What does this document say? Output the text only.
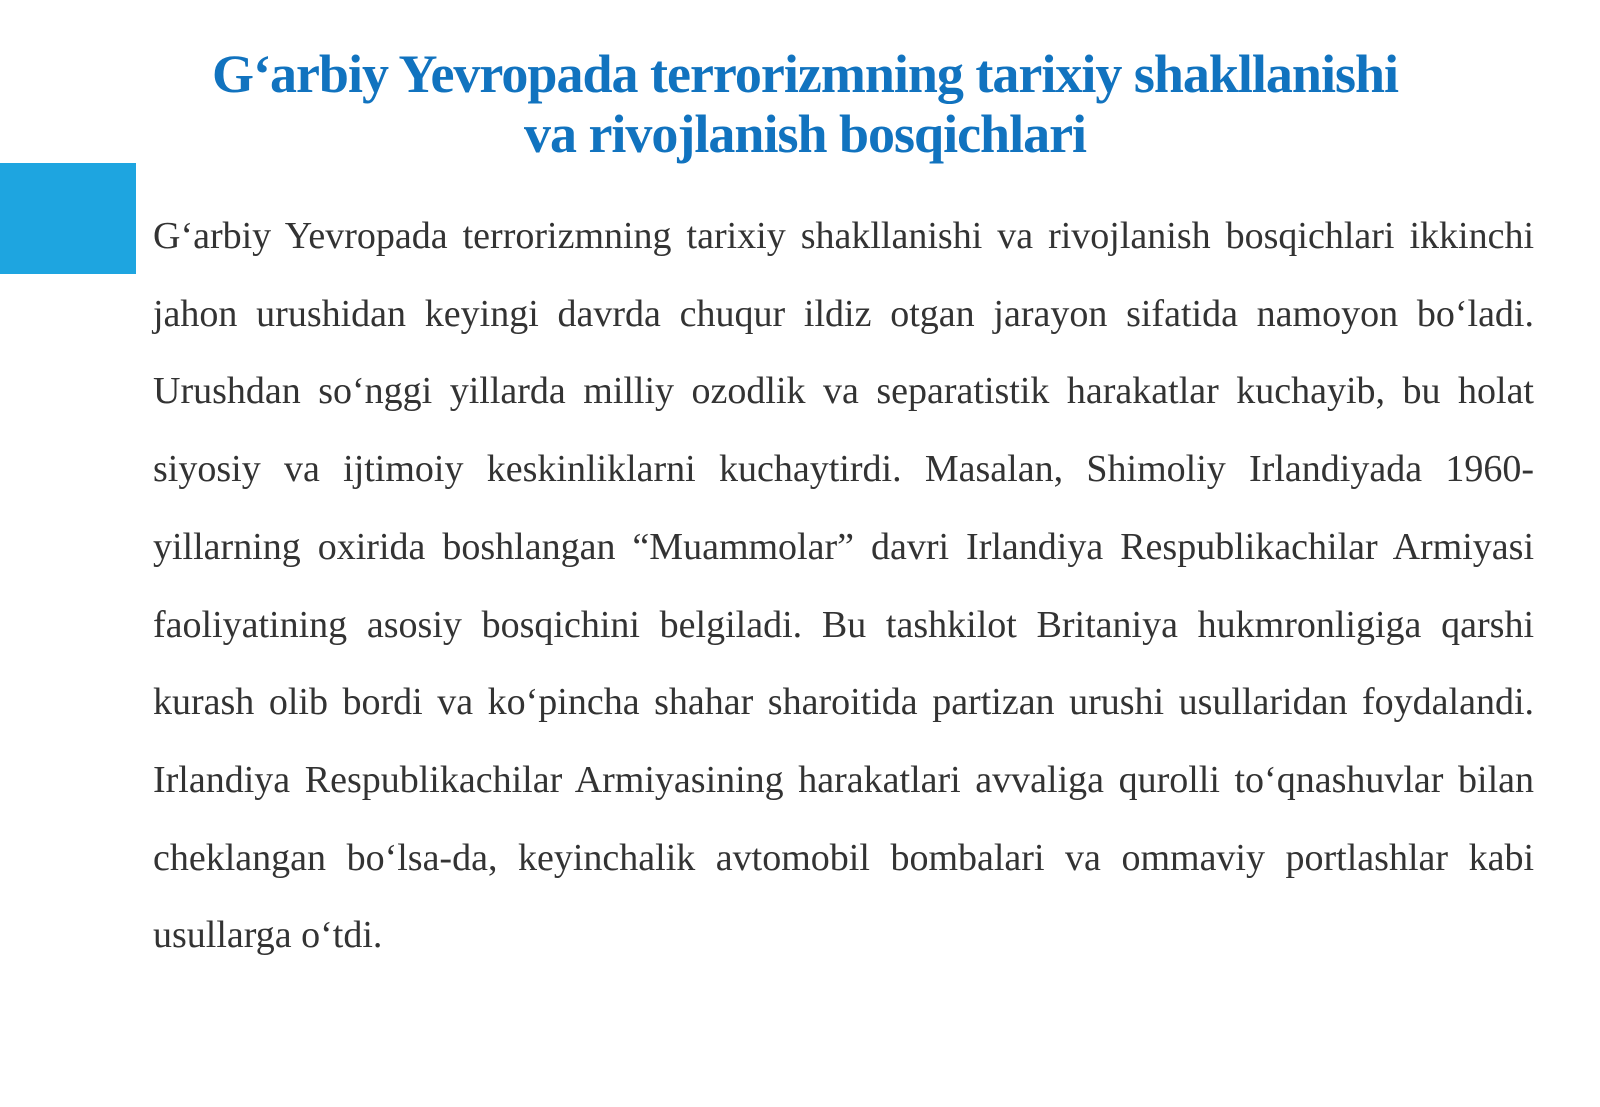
G‘arbiy Yevropada terrorizmning tarixiy shakllanishi
va rivojlanish bosqichlari

G‘arbiy Yevropada terrorizmning tarixiy shakllanishi va rivojlanish bosqichlari ikkinchi jahon urushidan keyingi davrda chuqur ildiz otgan jarayon sifatida namoyon bo‘ladi. Urushdan so‘nggi yillarda milliy ozodlik va separatistik harakatlar kuchayib, bu holat siyosiy va ijtimoiy keskinliklarni kuchaytirdi. Masalan, Shimoliy Irlandiyada 1960-yillarning oxirida boshlangan “Muammolar” davri Irlandiya Respublikachilar Armiyasi faoliyatining asosiy bosqichini belgiladi. Bu tashkilot Britaniya hukmronligiga qarshi kurash olib bordi va ko‘pincha shahar sharoitida partizan urushi usullaridan foydalandi. Irlandiya Respublikachilar Armiyasining harakatlari avvaliga qurolli to‘qnashuvlar bilan cheklangan bo‘lsa-da, keyinchalik avtomobil bombalari va ommaviy portlashlar kabi usullarga o‘tdi.
